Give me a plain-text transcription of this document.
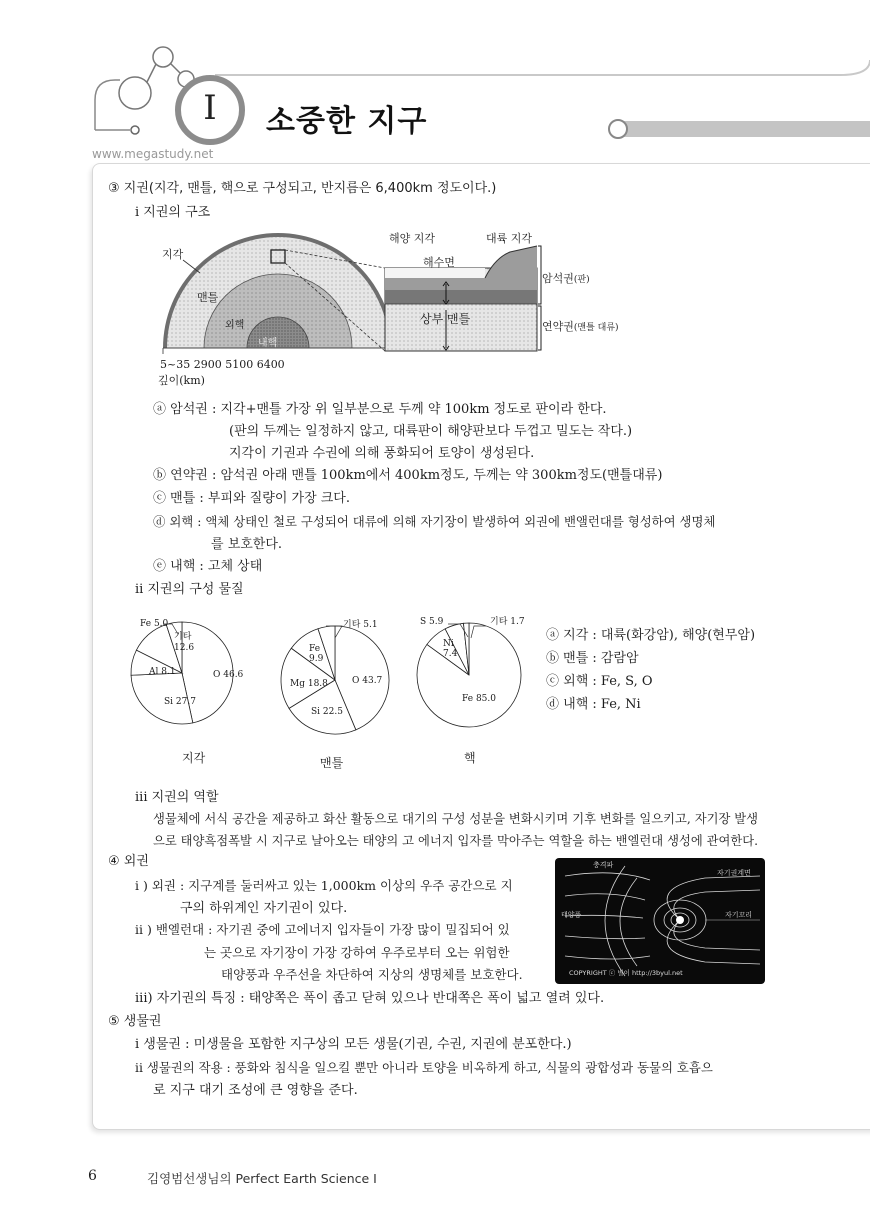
I	소중한 지구
www.megastudy.net
③ 지권(지각, 맨틀, 핵으로 구성되고, 반지름은 6,400km 정도이다.)
i 지권의 구조
지각
맨틀
외핵
내핵
5~35 2900 5100 6400
깊이(km)
해양 지각	대륙 지각
해수면
상부 맨틀
암석권(판)
연약권(맨틀 대류)
ⓐ 암석권 : 지각+맨틀 가장 위 일부분으로 두께 약 100km 정도로 판이라 한다.
(판의 두께는 일정하지 않고, 대륙판이 해양판보다 두껍고 밀도는 작다.)
지각이 기권과 수권에 의해 풍화되어 토양이 생성된다.
ⓑ 연약권 : 암석권 아래 맨틀 100km에서 400km정도, 두께는 약 300km정도(맨틀대류)
ⓒ 맨틀 : 부피와 질량이 가장 크다.
ⓓ 외핵 : 액체 상태인 철로 구성되어 대류에 의해 자기장이 발생하여 외권에 밴앨런대를 형성하여 생명체
를 보호한다.
ⓔ 내핵 : 고체 상태
ii 지권의 구성 물질
Fe 5.0
기타
12.6
Al 8.1	O 46.6
Si 27.7
기타 5.1
Fe
9.9
Mg 18.8	O 43.7
Si 22.5
S 5.9	기타 1.7
Ni
7.4
Fe 85.0
지각	맨틀	핵
ⓐ 지각 : 대륙(화강암), 해양(현무암)
ⓑ 맨틀 : 감람암
ⓒ 외핵 : Fe, S, O
ⓓ 내핵 : Fe, Ni
iii 지권의 역할
생물체에 서식 공간을 제공하고 화산 활동으로 대기의 구성 성분을 변화시키며 기후 변화를 일으키고, 자기장 발생
으로 태양흑점폭발 시 지구로 날아오는 태양의 고 에너지 입자를 막아주는 역할을 하는 밴엘런대 생성에 관여한다.
④ 외권
i ) 외권 : 지구계를 둘러싸고 있는 1,000km 이상의 우주 공간으로 지
구의 하위계인 자기권이 있다.
ii ) 밴엘런대 : 자기권 중에 고에너지 입자들이 가장 많이 밀집되어 있
는 곳으로 자기장이 가장 강하여 우주로부터 오는 위험한
태양풍과 우주선을 차단하여 지상의 생명체를 보호한다.
iii) 자기권의 특징 : 태양쪽은 폭이 좁고 닫혀 있으나 반대쪽은 폭이 넓고 열려 있다.
충격파
자기권계면
태양풍	자기꼬리
COPYRIGHT ⓒ 별이 http://3byul.net
⑤ 생물권
i 생물권 : 미생물을 포함한 지구상의 모든 생물(기권, 수권, 지권에 분포한다.)
ii 생물권의 작용 : 풍화와 침식을 일으킬 뿐만 아니라 토양을 비옥하게 하고, 식물의 광합성과 동물의 호흡으
로 지구 대기 조성에 큰 영향을 준다.
6	김영범선생님의 Perfect Earth Science I
